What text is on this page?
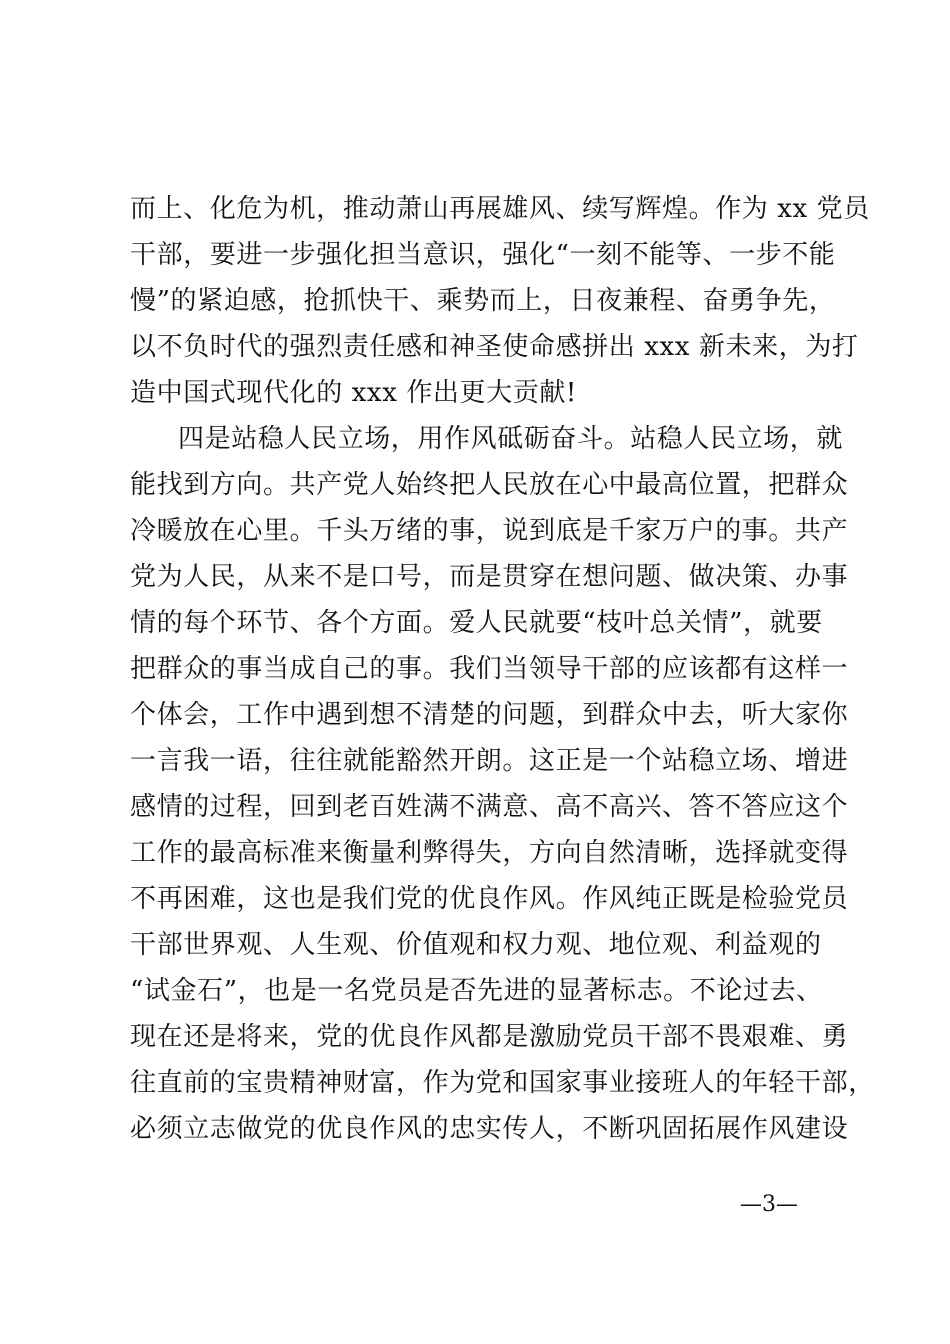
而上、化危为机，推动萧山再展雄风、续写辉煌。作为 xx 党员
干部，要进一步强化担当意识，强化“一刻不能等、一步不能
慢”的紧迫感，抢抓快干、乘势而上，日夜兼程、奋勇争先，
以不负时代的强烈责任感和神圣使命感拼出 xxx 新未来，为打
造中国式现代化的 xxx 作出更大贡献!
四是站稳人民立场，用作风砥砺奋斗。站稳人民立场，就
能找到方向。共产党人始终把人民放在心中最高位置，把群众
冷暖放在心里。千头万绪的事，说到底是千家万户的事。共产
党为人民，从来不是口号，而是贯穿在想问题、做决策、办事
情的每个环节、各个方面。爱人民就要“枝叶总关情”，就要
把群众的事当成自己的事。我们当领导干部的应该都有这样一
个体会，工作中遇到想不清楚的问题，到群众中去，听大家你
一言我一语，往往就能豁然开朗。这正是一个站稳立场、增进
感情的过程，回到老百姓满不满意、高不高兴、答不答应这个
工作的最高标准来衡量利弊得失，方向自然清晰，选择就变得
不再困难，这也是我们党的优良作风。作风纯正既是检验党员
干部世界观、人生观、价值观和权力观、地位观、利益观的
“试金石”，也是一名党员是否先进的显著标志。不论过去、
现在还是将来，党的优良作风都是激励党员干部不畏艰难、勇
往直前的宝贵精神财富，作为党和国家事业接班人的年轻干部，
必须立志做党的优良作风的忠实传人，不断巩固拓展作风建设
—3—
